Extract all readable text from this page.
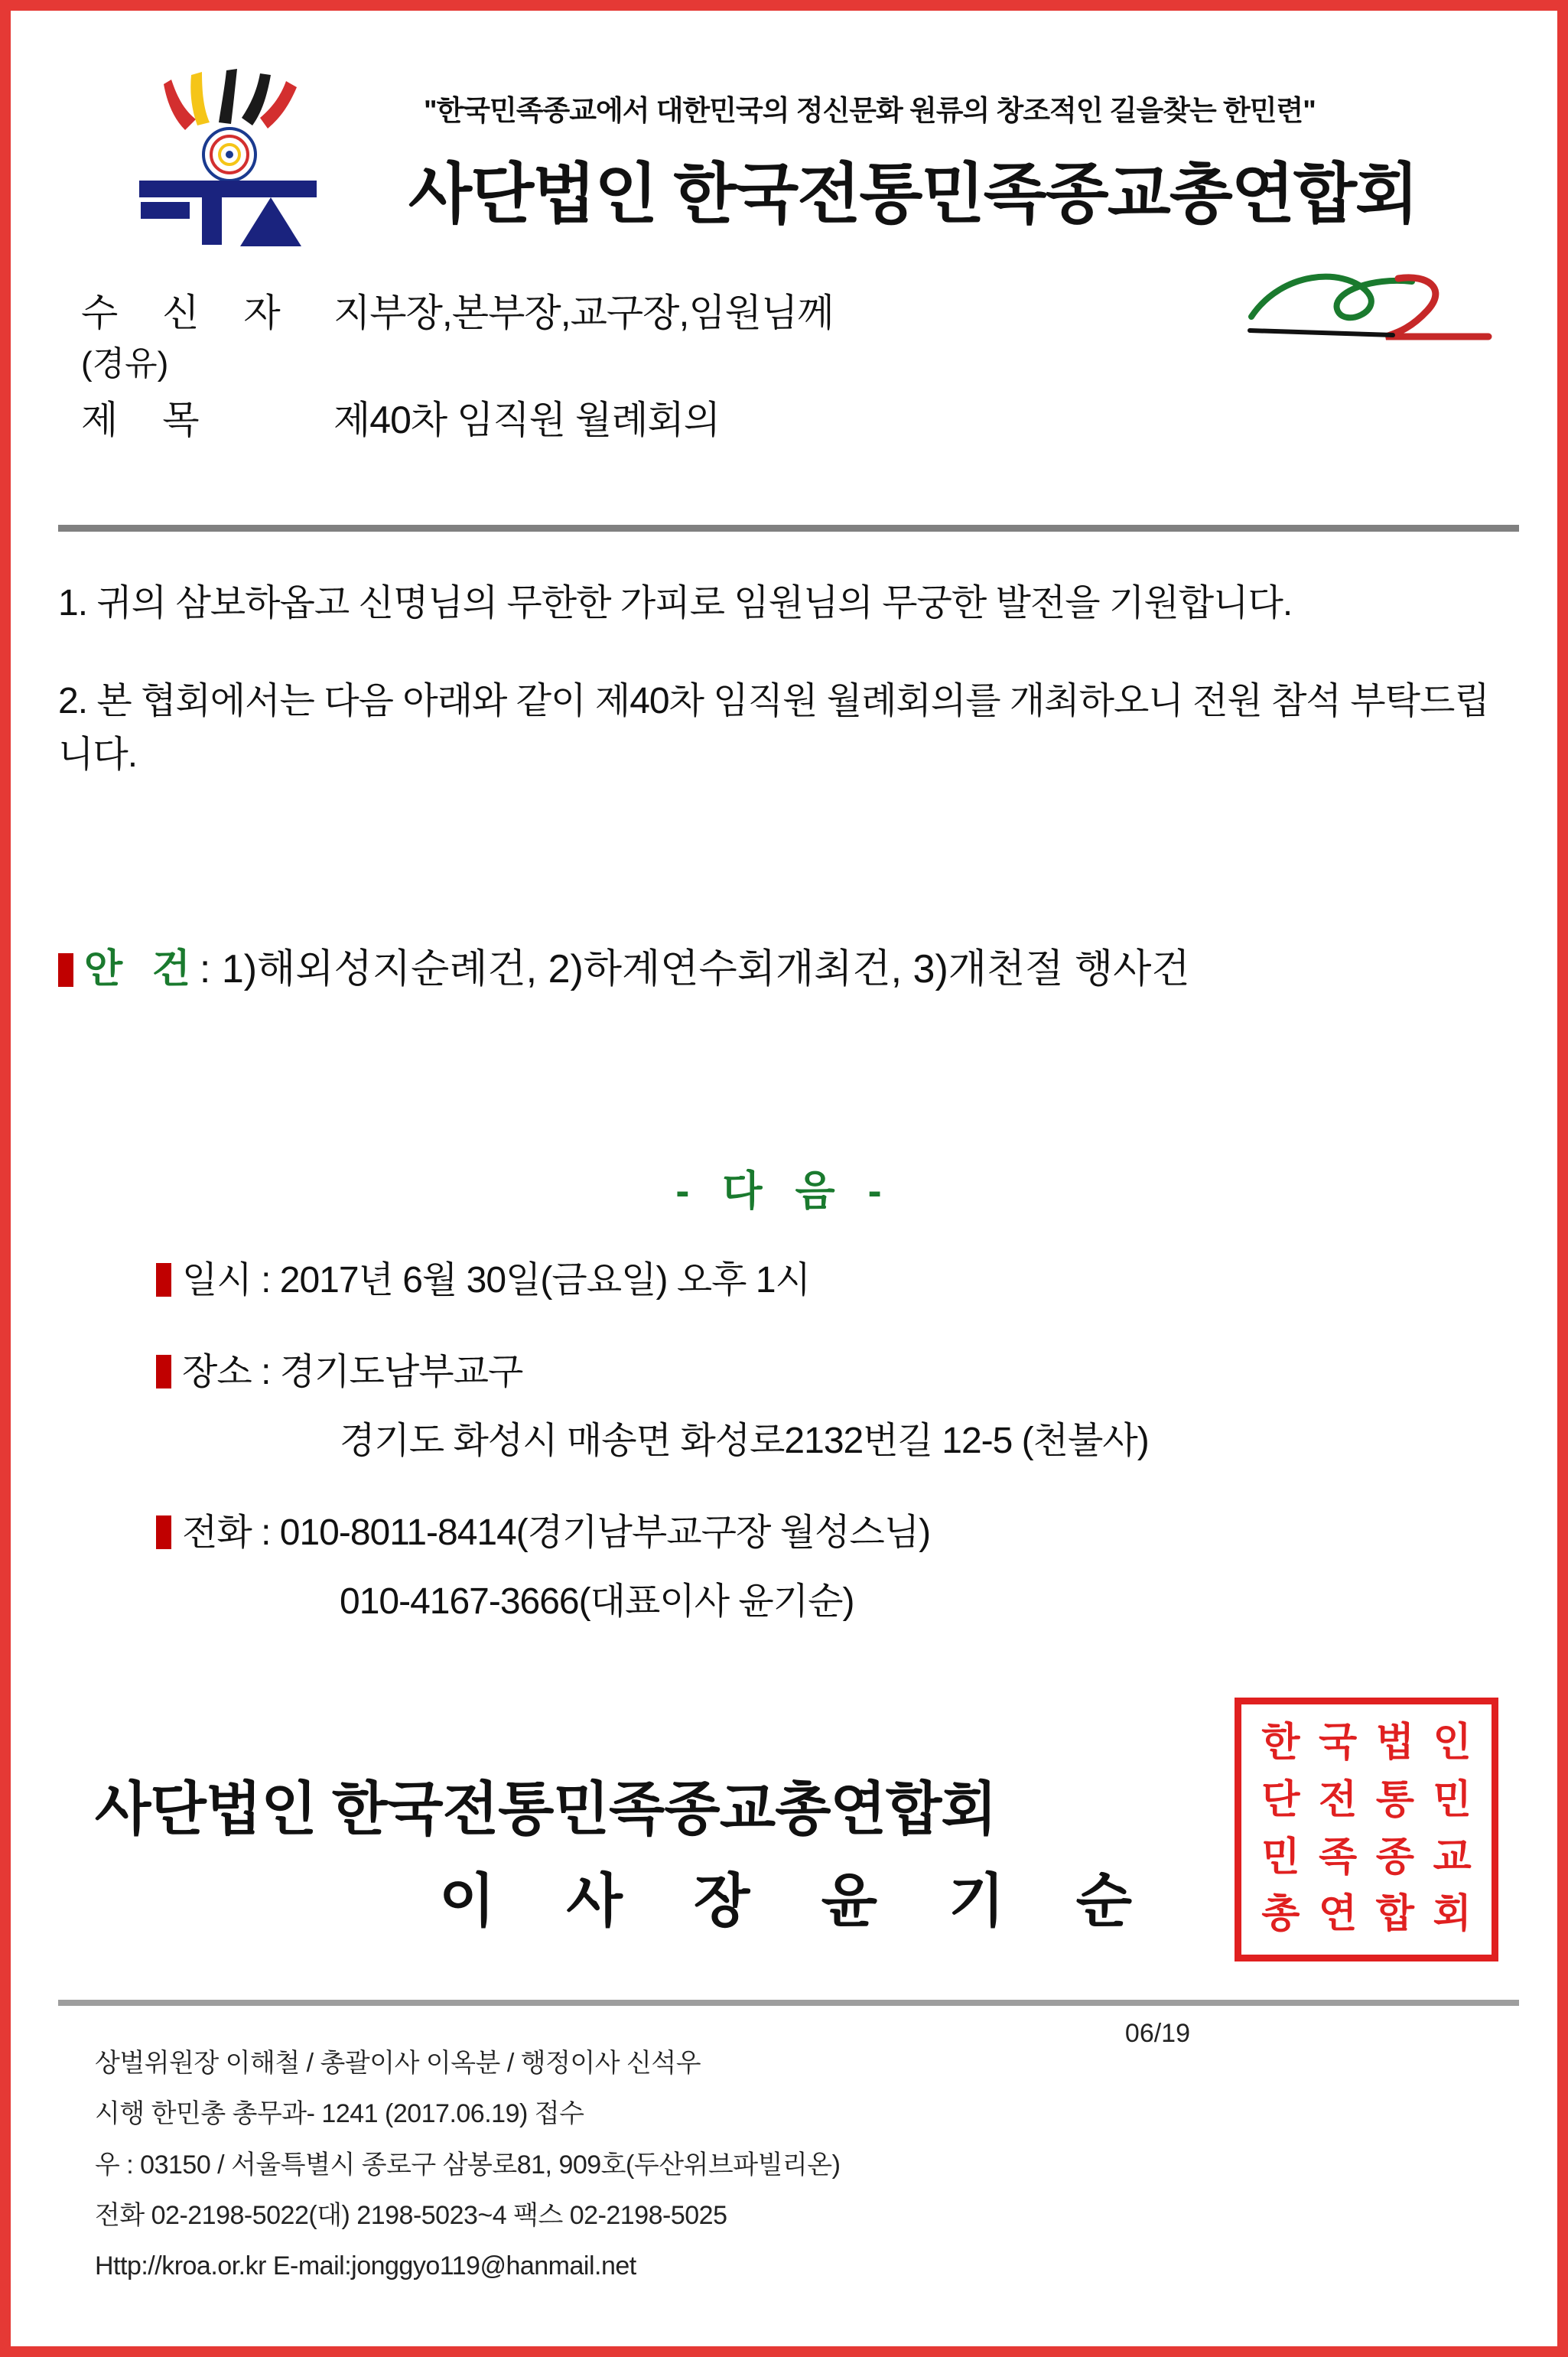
"한국민족종교에서 대한민국의 정신문화 원류의 창조적인 길을찾는 한민련"
사단법인 한국전통민족종교총연합회
수 신 자 지부장,본부장,교구장,임원님께
(경유)
제 목	제40차 임직원 월례회의
1. 귀의 삼보하옵고 신명님의 무한한 가피로 임원님의 무궁한 발전을 기원합니다.
2. 본 협회에서는 다음 아래와 같이 제40차 임직원 월례회의를 개최하오니 전원 참석 부탁드립니다.
안 건: 1)해외성지순례건, 2)하계연수회개최건, 3)개천절 행사건
- 다 음 -
일시 : 2017년 6월 30일(금요일) 오후 1시
장소 : 경기도남부교구
경기도 화성시 매송면 화성로2132번길 12-5 (천불사)
전화 : 010-8011-8414(경기남부교구장 월성스님)
010-4167-3666(대표이사 윤기순)
사단법인 한국전통민족종교총연합회
이 사 장 윤 기 순
한 국 법 인
단 전 통 민
민 족 종 교
총 연 합 회
06/19
상벌위원장 이해철 / 총괄이사 이옥분 / 행정이사 신석우
시행 한민총 총무과- 1241 (2017.06.19) 접수
우 : 03150 / 서울특별시 종로구 삼봉로81, 909호(두산위브파빌리온)
전화 02-2198-5022(대) 2198-5023~4 팩스 02-2198-5025
Http://kroa.or.kr E-mail:jonggyo119@hanmail.net
